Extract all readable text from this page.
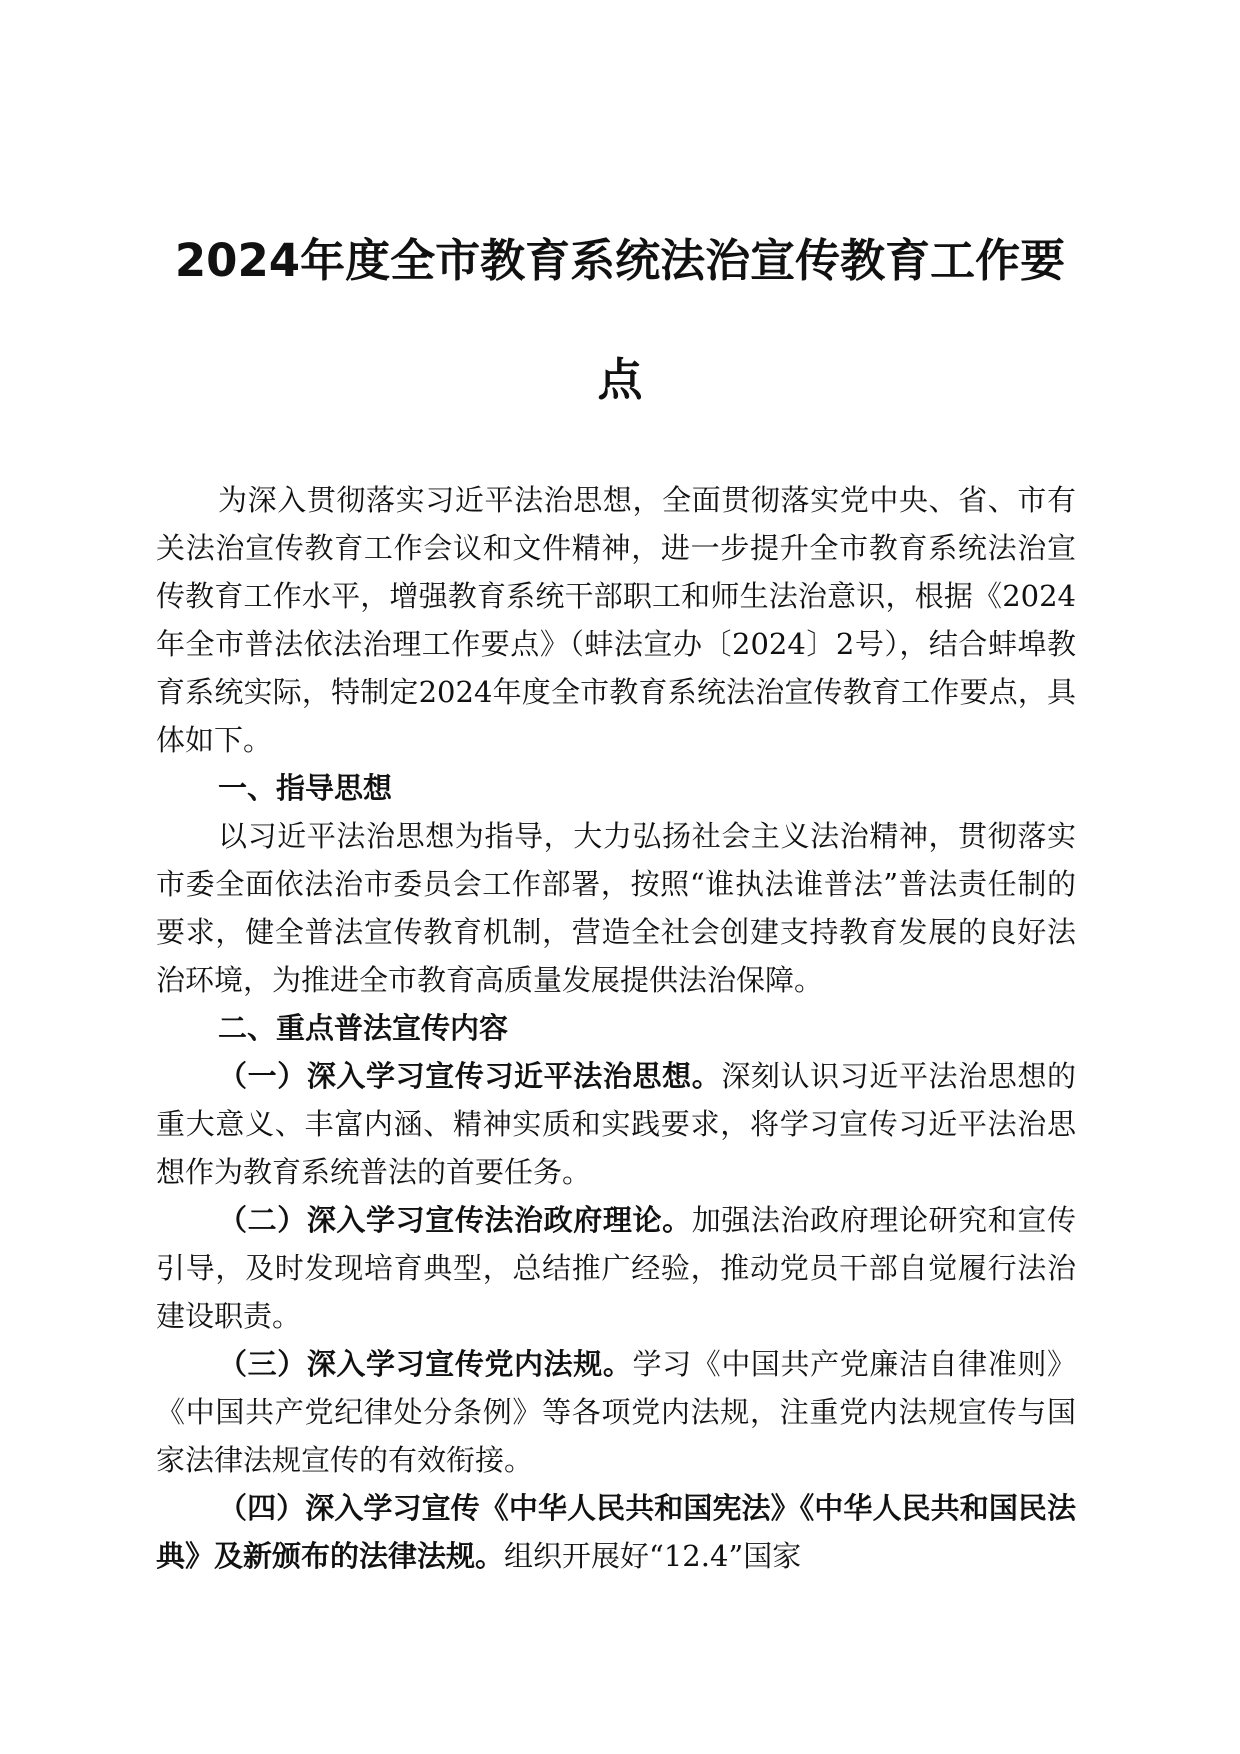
2024年度全市教育系统法治宣传教育工作要
点

为深入贯彻落实习近平法治思想，全面贯彻落实党中央、省、市有关法治宣传教育工作会议和文件精神，进一步提升全市教育系统法治宣传教育工作水平，增强教育系统干部职工和师生法治意识，根据《2024年全市普法依法治理工作要点》（蚌法宣办〔2024〕2号），结合蚌埠教育系统实际，特制定2024年度全市教育系统法治宣传教育工作要点，具体如下。

一、指导思想

以习近平法治思想为指导，大力弘扬社会主义法治精神，贯彻落实市委全面依法治市委员会工作部署，按照“谁执法谁普法”普法责任制的要求，健全普法宣传教育机制，营造全社会创建支持教育发展的良好法治环境，为推进全市教育高质量发展提供法治保障。

二、重点普法宣传内容

（一）深入学习宣传习近平法治思想。深刻认识习近平法治思想的重大意义、丰富内涵、精神实质和实践要求，将学习宣传习近平法治思想作为教育系统普法的首要任务。

（二）深入学习宣传法治政府理论。加强法治政府理论研究和宣传引导，及时发现培育典型，总结推广经验，推动党员干部自觉履行法治建设职责。

（三）深入学习宣传党内法规。学习《中国共产党廉洁自律准则》《中国共产党纪律处分条例》等各项党内法规，注重党内法规宣传与国家法律法规宣传的有效衔接。

（四）深入学习宣传《中华人民共和国宪法》《中华人民共和国民法典》及新颁布的法律法规。组织开展好“12.4”国家
